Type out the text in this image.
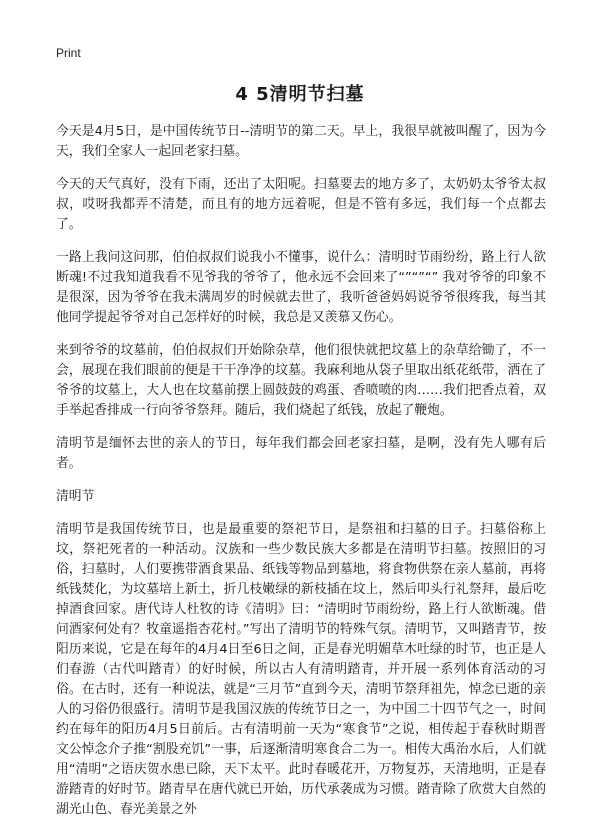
Print
4 5清明节扫墓

今天是4月5日，是中国传统节日--清明节的第二天。早上，我很早就被叫醒了，因为今天，我们全家人一起回老家扫墓。

今天的天气真好，没有下雨，还出了太阳呢。扫墓要去的地方多了，太奶奶太爷爷太叔叔，哎呀我都弄不清楚，而且有的地方远着呢，但是不管有多远，我们每一个点都去了。

一路上我问这问那，伯伯叔叔们说我小不懂事，说什么：清明时节雨纷纷，路上行人欲断魂!不过我知道我看不见爷我的爷爷了，他永远不会回来了“”“”“” 我对爷爷的印象不是很深，因为爷爷在我未满周岁的时候就去世了，我听爸爸妈妈说爷爷很疼我，每当其他同学提起爷爷对自己怎样好的时候，我总是又羡慕又伤心。

来到爷爷的坟墓前，伯伯叔叔们开始除杂草，他们很快就把坟墓上的杂草给锄了，不一会，展现在我们眼前的便是干干净净的坟墓。我麻利地从袋子里取出纸花纸带，洒在了爷爷的坟墓上，大人也在坟墓前摆上圆鼓鼓的鸡蛋、香喷喷的肉……我们把香点着，双手举起香排成一行向爷爷祭拜。随后，我们烧起了纸钱，放起了鞭炮。

清明节是缅怀去世的亲人的节日，每年我们都会回老家扫墓，是啊，没有先人哪有后者。

清明节

清明节是我国传统节日，也是最重要的祭祀节日，是祭祖和扫墓的日子。扫墓俗称上坟，祭祀死者的一种活动。汉族和一些少数民族大多都是在清明节扫墓。按照旧的习俗，扫墓时，人们要携带酒食果品、纸钱等物品到墓地，将食物供祭在亲人墓前，再将纸钱焚化，为坟墓培上新土，折几枝嫩绿的新枝插在坟上，然后叩头行礼祭拜，最后吃掉酒食回家。唐代诗人杜牧的诗《清明》曰：“清明时节雨纷纷，路上行人欲断魂。借问酒家何处有？牧童遥指杏花村。”写出了清明节的特殊气氛。清明节，又叫踏青节，按阳历来说，它是在每年的4月4日至6日之间，正是春光明媚草木吐绿的时节，也正是人们春游（古代叫踏青）的好时候，所以古人有清明踏青，并开展一系列体育活动的习俗。在古时，还有一种说法，就是“三月节”直到今天，清明节祭拜祖先，悼念已逝的亲人的习俗仍很盛行。清明节是我国汉族的传统节日之一，为中国二十四节气之一，时间约在每年的阳历4月5日前后。古有清明前一天为“寒食节”之说，相传起于春秋时期晋文公悼念介子推“割股充饥”一事，后逐渐清明寒食合二为一。相传大禹治水后，人们就用“清明”之语庆贺水患已除，天下太平。此时春暖花开，万物复苏，天清地明，正是春游踏青的好时节。踏青早在唐代就已开始，历代承袭成为习惯。踏青除了欣赏大自然的湖光山色、春光美景之外
